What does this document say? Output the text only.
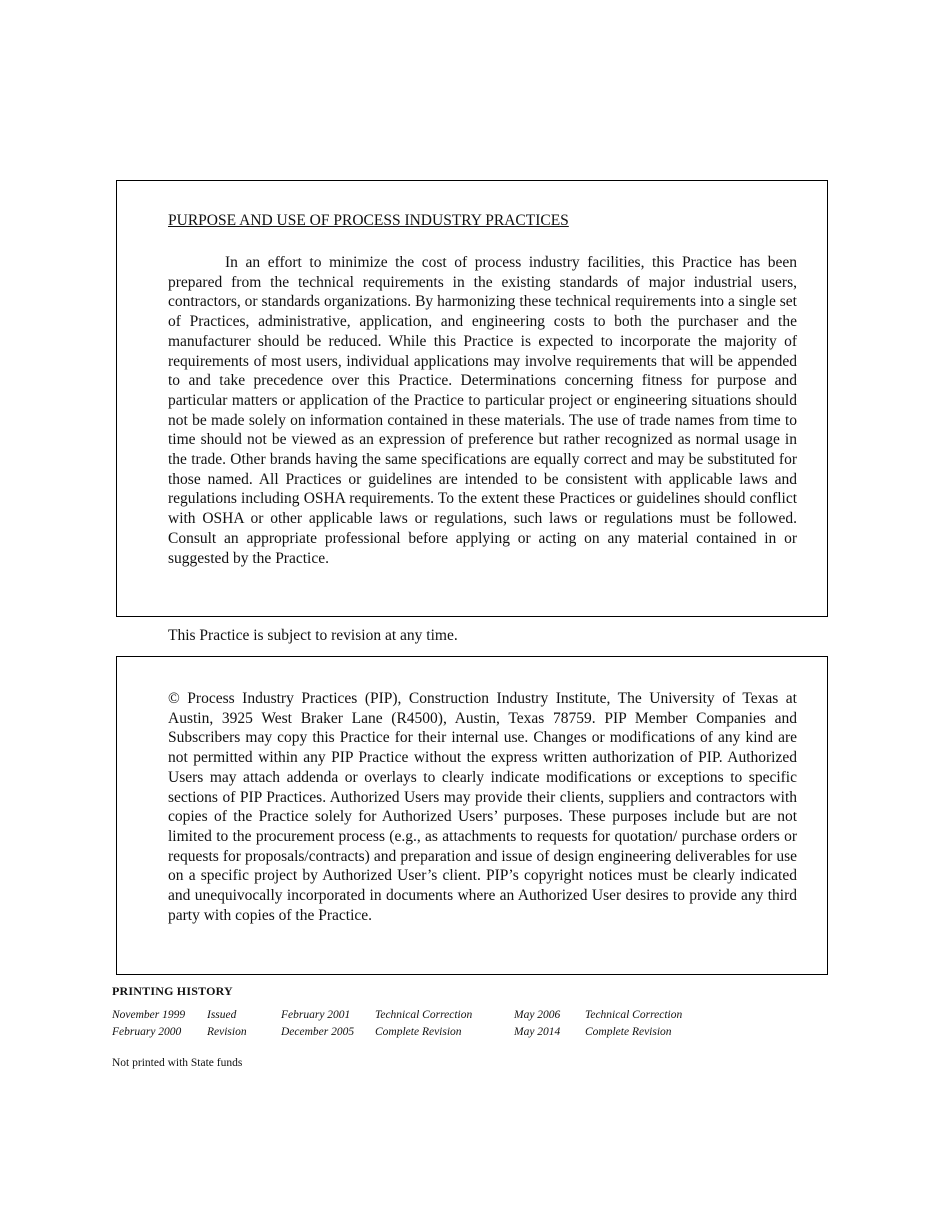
PURPOSE AND USE OF PROCESS INDUSTRY PRACTICES

In an effort to minimize the cost of process industry facilities, this Practice has been prepared from the technical requirements in the existing standards of major industrial users, contractors, or standards organizations. By harmonizing these technical requirements into a single set of Practices, administrative, application, and engineering costs to both the purchaser and the manufacturer should be reduced. While this Practice is expected to incorporate the majority of requirements of most users, individual applications may involve requirements that will be appended to and take precedence over this Practice. Determinations concerning fitness for purpose and particular matters or application of the Practice to particular project or engineering situations should not be made solely on information contained in these materials. The use of trade names from time to time should not be viewed as an expression of preference but rather recognized as normal usage in the trade. Other brands having the same specifications are equally correct and may be substituted for those named. All Practices or guidelines are intended to be consistent with applicable laws and regulations including OSHA requirements. To the extent these Practices or guidelines should conflict with OSHA or other applicable laws or regulations, such laws or regulations must be followed. Consult an appropriate professional before applying or acting on any material contained in or suggested by the Practice.

This Practice is subject to revision at any time.

© Process Industry Practices (PIP), Construction Industry Institute, The University of Texas at Austin, 3925 West Braker Lane (R4500), Austin, Texas 78759. PIP Member Companies and Subscribers may copy this Practice for their internal use. Changes or modifications of any kind are not permitted within any PIP Practice without the express written authorization of PIP. Authorized Users may attach addenda or overlays to clearly indicate modifications or exceptions to specific sections of PIP Practices. Authorized Users may provide their clients, suppliers and contractors with copies of the Practice solely for Authorized Users’ purposes. These purposes include but are not limited to the procurement process (e.g., as attachments to requests for quotation/ purchase orders or requests for proposals/contracts) and preparation and issue of design engineering deliverables for use on a specific project by Authorized User’s client. PIP’s copyright notices must be clearly indicated and unequivocally incorporated in documents where an Authorized User desires to provide any third party with copies of the Practice.

PRINTING HISTORY
November 1999 Issued	February 2001 Technical Correction	May 2006 Technical Correction
February 2000 Revision	December 2005 Complete Revision	May 2014 Complete Revision

Not printed with State funds
